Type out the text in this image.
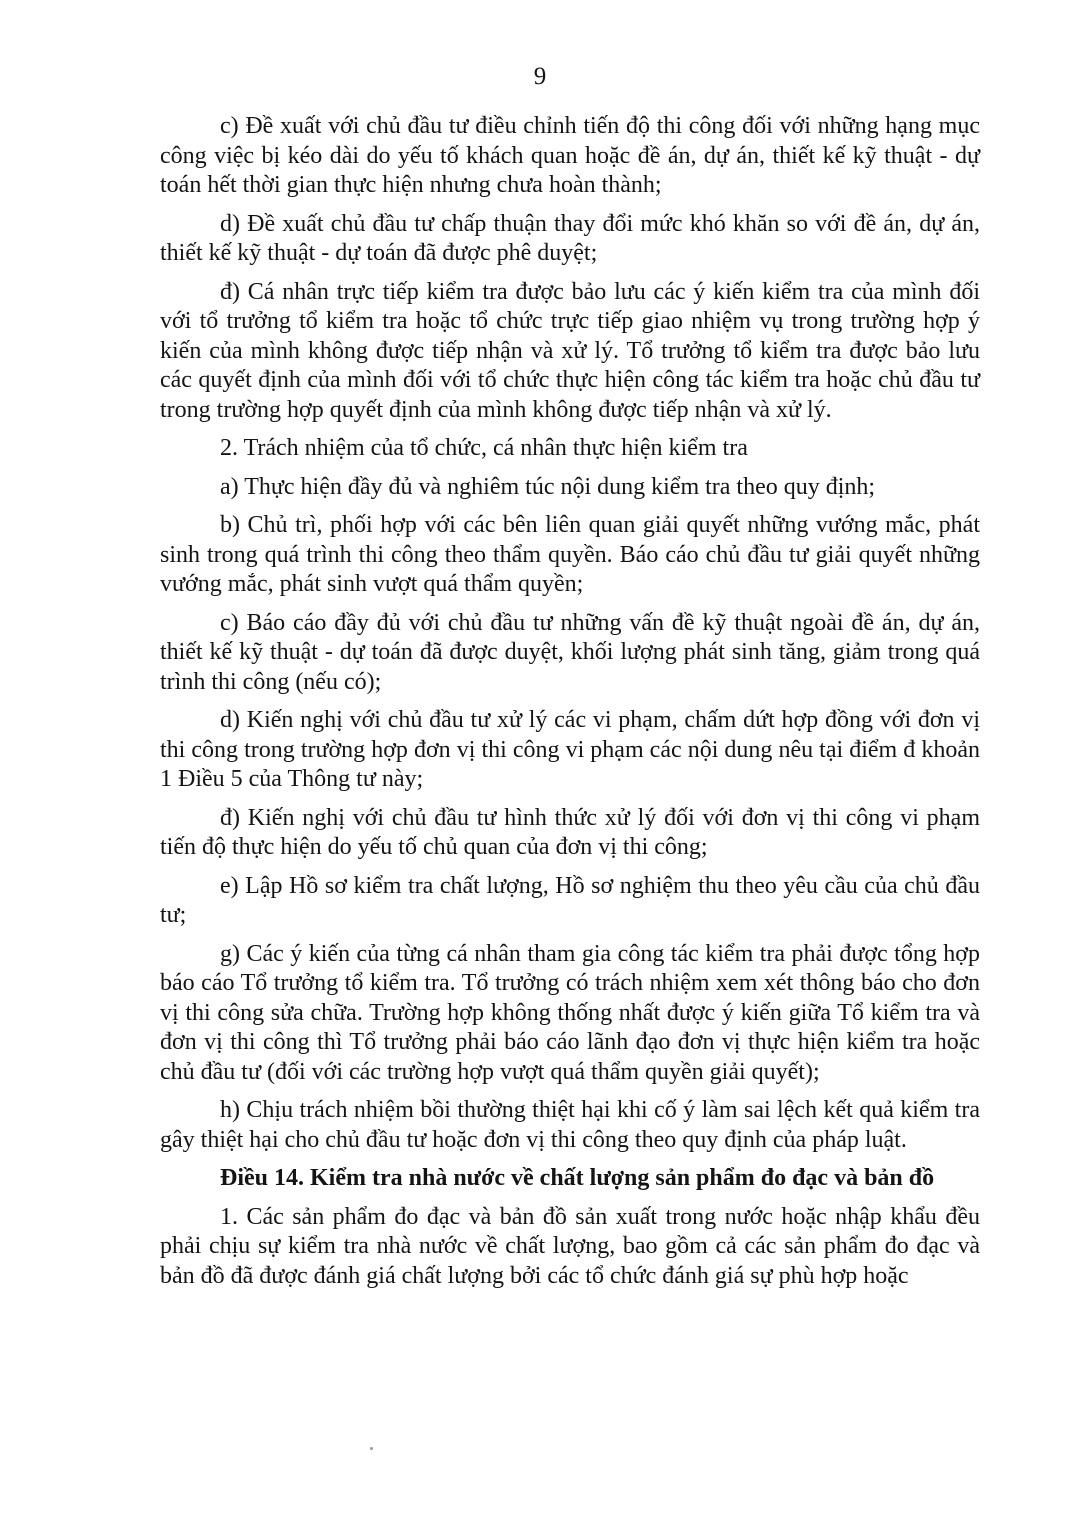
9

c) Đề xuất với chủ đầu tư điều chỉnh tiến độ thi công đối với những hạng mục công việc bị kéo dài do yếu tố khách quan hoặc đề án, dự án, thiết kế kỹ thuật - dự toán hết thời gian thực hiện nhưng chưa hoàn thành;

d) Đề xuất chủ đầu tư chấp thuận thay đổi mức khó khăn so với đề án, dự án, thiết kế kỹ thuật - dự toán đã được phê duyệt;

đ) Cá nhân trực tiếp kiểm tra được bảo lưu các ý kiến kiểm tra của mình đối với tổ trưởng tổ kiểm tra hoặc tổ chức trực tiếp giao nhiệm vụ trong trường hợp ý kiến của mình không được tiếp nhận và xử lý. Tổ trưởng tổ kiểm tra được bảo lưu các quyết định của mình đối với tổ chức thực hiện công tác kiểm tra hoặc chủ đầu tư trong trường hợp quyết định của mình không được tiếp nhận và xử lý.

2. Trách nhiệm của tổ chức, cá nhân thực hiện kiểm tra

a) Thực hiện đầy đủ và nghiêm túc nội dung kiểm tra theo quy định;

b) Chủ trì, phối hợp với các bên liên quan giải quyết những vướng mắc, phát sinh trong quá trình thi công theo thẩm quyền. Báo cáo chủ đầu tư giải quyết những vướng mắc, phát sinh vượt quá thẩm quyền;

c) Báo cáo đầy đủ với chủ đầu tư những vấn đề kỹ thuật ngoài đề án, dự án, thiết kế kỹ thuật - dự toán đã được duyệt, khối lượng phát sinh tăng, giảm trong quá trình thi công (nếu có);

d) Kiến nghị với chủ đầu tư xử lý các vi phạm, chấm dứt hợp đồng với đơn vị thi công trong trường hợp đơn vị thi công vi phạm các nội dung nêu tại điểm đ khoản 1 Điều 5 của Thông tư này;

đ) Kiến nghị với chủ đầu tư hình thức xử lý đối với đơn vị thi công vi phạm tiến độ thực hiện do yếu tố chủ quan của đơn vị thi công;

e) Lập Hồ sơ kiểm tra chất lượng, Hồ sơ nghiệm thu theo yêu cầu của chủ đầu tư;

g) Các ý kiến của từng cá nhân tham gia công tác kiểm tra phải được tổng hợp báo cáo Tổ trưởng tổ kiểm tra. Tổ trưởng có trách nhiệm xem xét thông báo cho đơn vị thi công sửa chữa. Trường hợp không thống nhất được ý kiến giữa Tổ kiểm tra và đơn vị thi công thì Tổ trưởng phải báo cáo lãnh đạo đơn vị thực hiện kiểm tra hoặc chủ đầu tư (đối với các trường hợp vượt quá thẩm quyền giải quyết);

h) Chịu trách nhiệm bồi thường thiệt hại khi cố ý làm sai lệch kết quả kiểm tra gây thiệt hại cho chủ đầu tư hoặc đơn vị thi công theo quy định của pháp luật.

Điều 14. Kiểm tra nhà nước về chất lượng sản phẩm đo đạc và bản đồ

1. Các sản phẩm đo đạc và bản đồ sản xuất trong nước hoặc nhập khẩu đều phải chịu sự kiểm tra nhà nước về chất lượng, bao gồm cả các sản phẩm đo đạc và bản đồ đã được đánh giá chất lượng bởi các tổ chức đánh giá sự phù hợp hoặc
